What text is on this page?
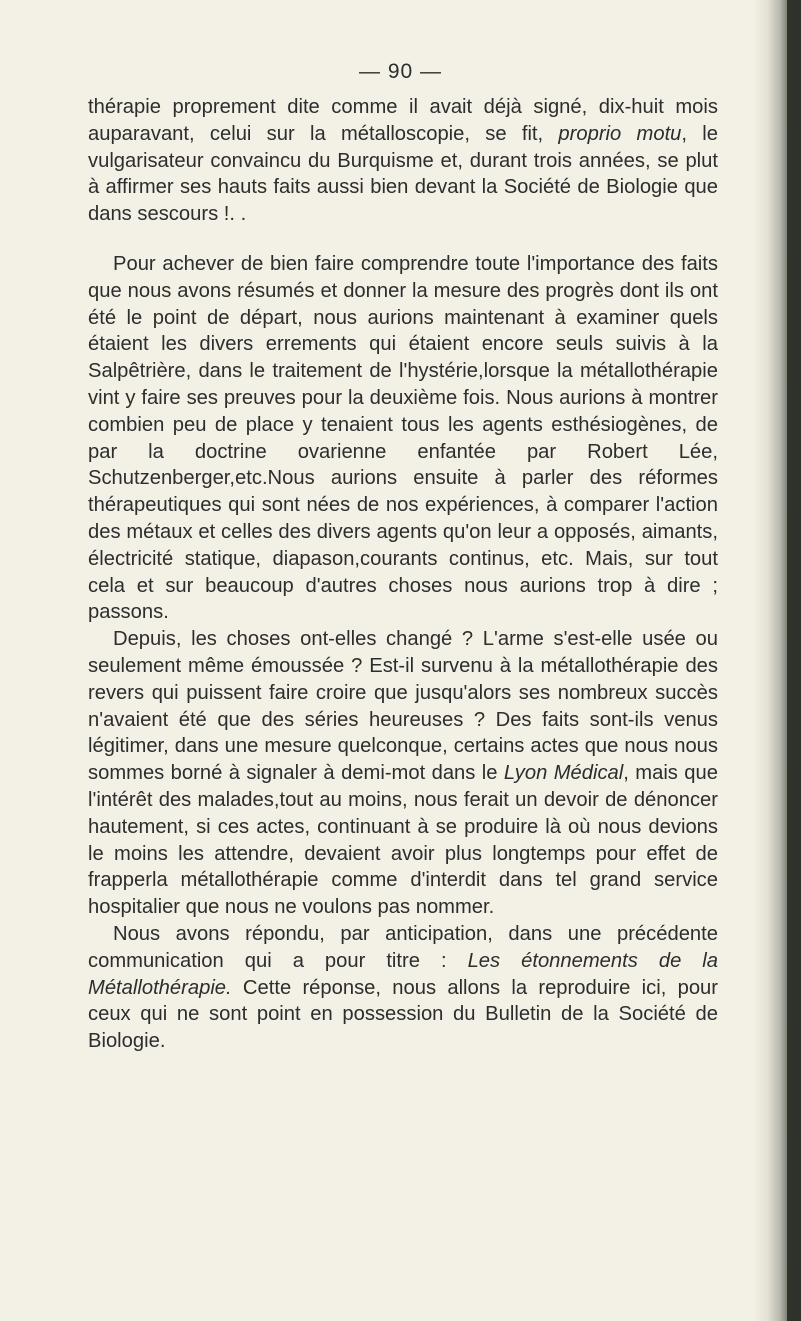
— 90 —

thérapie proprement dite comme il avait déjà signé, dix-huit mois auparavant, celui sur la métalloscopie, se fit, proprio motu, le vulgarisateur convaincu du Burquisme et, durant trois années, se plut à affirmer ses hauts faits aussi bien devant la Société de Biologie que dans sescours !. .

Pour achever de bien faire comprendre toute l'importance des faits que nous avons résumés et donner la mesure des progrès dont ils ont été le point de départ, nous aurions maintenant à examiner quels étaient les divers errements qui étaient encore seuls suivis à la Salpêtrière, dans le traitement de l'hystérie,lorsque la métallothérapie vint y faire ses preuves pour la deuxième fois. Nous aurions à montrer combien peu de place y tenaient tous les agents esthésiogènes, de par la doctrine ovarienne enfantée par Robert Lée, Schutzenberger,etc.Nous aurions ensuite à parler des réformes thérapeutiques qui sont nées de nos expériences, à comparer l'action des métaux et celles des divers agents qu'on leur a opposés, aimants, électricité statique, diapason,courants continus, etc. Mais, sur tout cela et sur beaucoup d'autres choses nous aurions trop à dire ; passons.

Depuis, les choses ont-elles changé ? L'arme s'est-elle usée ou seulement même émoussée ? Est-il survenu à la métallothérapie des revers qui puissent faire croire que jusqu'alors ses nombreux succès n'avaient été que des séries heureuses ? Des faits sont-ils venus légitimer, dans une mesure quelconque, certains actes que nous nous sommes borné à signaler à demi-mot dans le Lyon Médical, mais que l'intérêt des malades,tout au moins, nous ferait un devoir de dénoncer hautement, si ces actes, continuant à se produire là où nous devions le moins les attendre, devaient avoir plus longtemps pour effet de frapperla métallothérapie comme d'interdit dans tel grand service hospitalier que nous ne voulons pas nommer.

Nous avons répondu, par anticipation, dans une précédente communication qui a pour titre : Les étonnements de la Métallothérapie. Cette réponse, nous allons la reproduire ici, pour ceux qui ne sont point en possession du Bulletin de la Société de Biologie.
